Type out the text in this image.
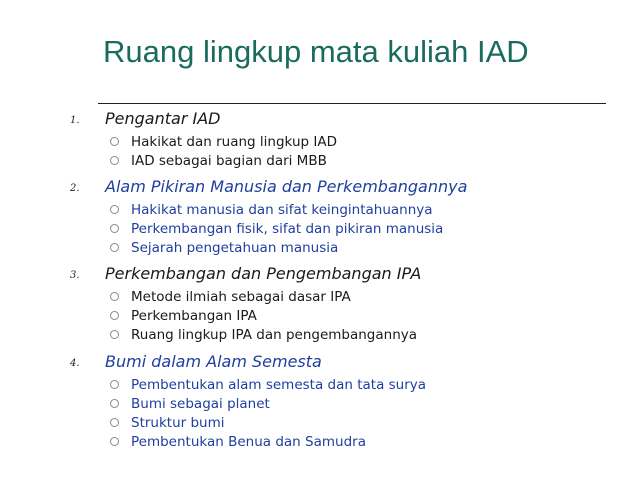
Ruang lingkup mata kuliah IAD
1. Pengantar IAD
Hakikat dan ruang lingkup IAD
IAD sebagai bagian dari MBB
2. Alam Pikiran Manusia dan Perkembangannya
Hakikat manusia dan sifat keingintahuannya
Perkembangan fisik, sifat dan pikiran manusia
Sejarah pengetahuan manusia
3. Perkembangan dan Pengembangan IPA
Metode ilmiah sebagai dasar IPA
Perkembangan IPA
Ruang lingkup IPA dan pengembangannya
4. Bumi dalam Alam Semesta
Pembentukan alam semesta dan tata surya
Bumi sebagai planet
Struktur bumi
Pembentukan Benua dan Samudra
